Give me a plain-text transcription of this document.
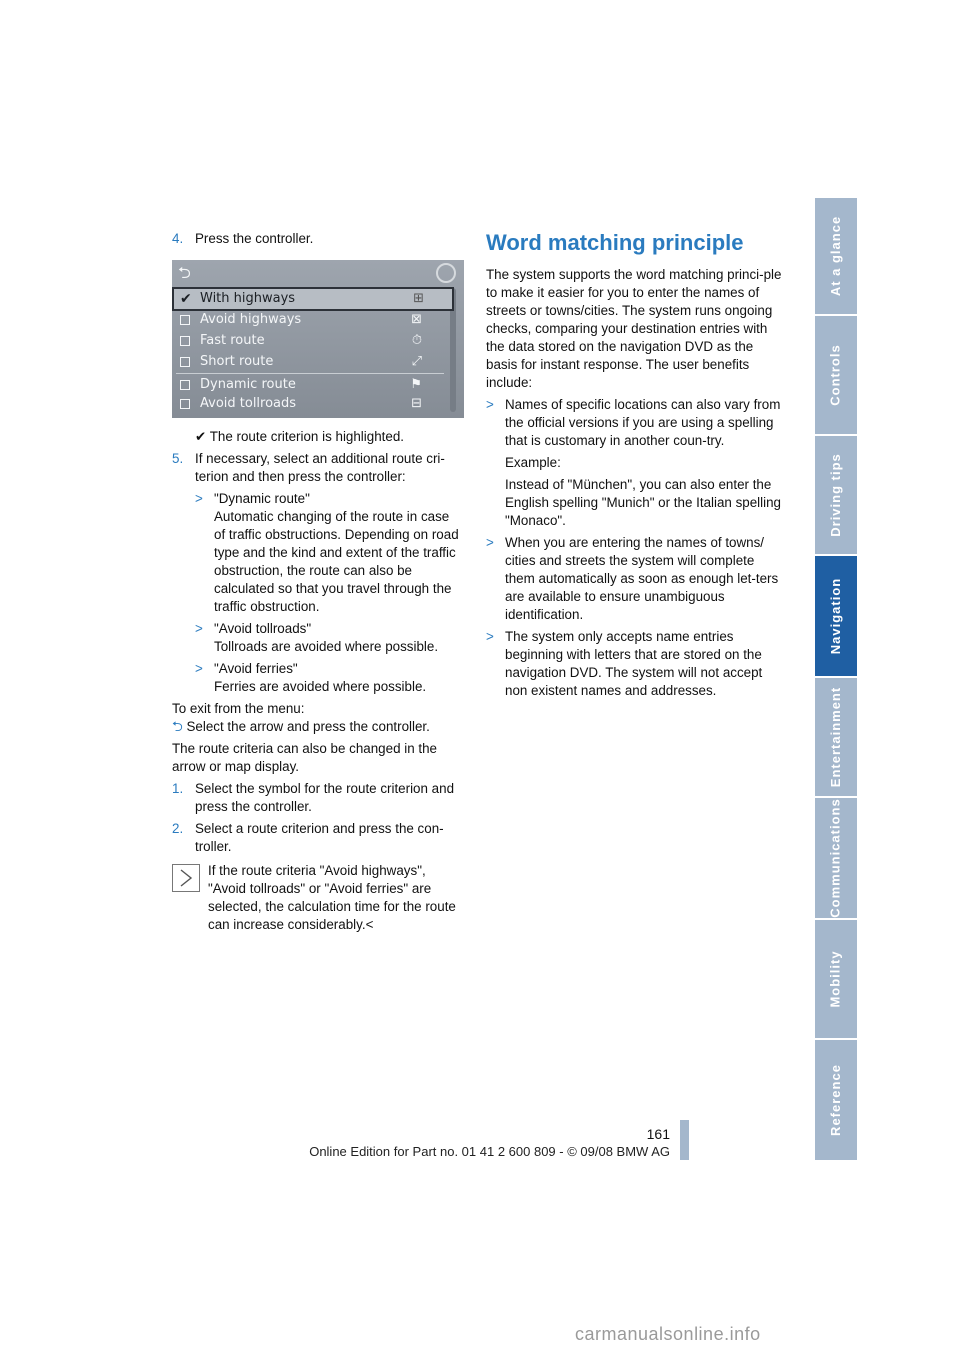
4. Press the controller.
⮌
✔ With highways	⊞
Avoid highways	⊠
Fast route	⏱
Short route	⤢
Dynamic route	⚑
Avoid tollroads	⊟

✔ The route criterion is highlighted.

5. If necessary, select an additional route cri-terion and then press the controller:
> "Dynamic route"
Automatic changing of the route in case of traffic obstructions. Depending on road type and the kind and extent of the traffic obstruction, the route can also be calculated so that you travel through the traffic obstruction.
> "Avoid tollroads"
Tollroads are avoided where possible.
> "Avoid ferries"
Ferries are avoided where possible.

To exit from the menu:

⮌ Select the arrow and press the controller.

The route criteria can also be changed in the arrow or map display.

1. Select the symbol for the route criterion and press the controller.
2. Select a route criterion and press the con-troller.
If the route criteria "Avoid highways", "Avoid tollroads" or "Avoid ferries" are selected, the calculation time for the route can increase considerably.<
Word matching principle

The system supports the word matching princi-ple to make it easier for you to enter the names of streets or towns/cities. The system runs ongoing checks, comparing your destination entries with the data stored on the navigation DVD as the basis for instant response. The user benefits include:

> Names of specific locations can also vary from the official versions if you are using a spelling that is customary in another coun-try.
Example:
Instead of "München", you can also enter the English spelling "Munich" or the Italian spelling "Monaco".
> When you are entering the names of towns/ cities and streets the system will complete them automatically as soon as enough let-ters are available to ensure unambiguous identification.
> The system only accepts name entries beginning with letters that are stored on the navigation DVD. The system will not accept non existent names and addresses.
At a glance
Controls
Driving tips
Navigation
Entertainment
Communications
Mobility
Reference
161
Online Edition for Part no. 01 41 2 600 809 - © 09/08 BMW AG
carmanualsonline.info
